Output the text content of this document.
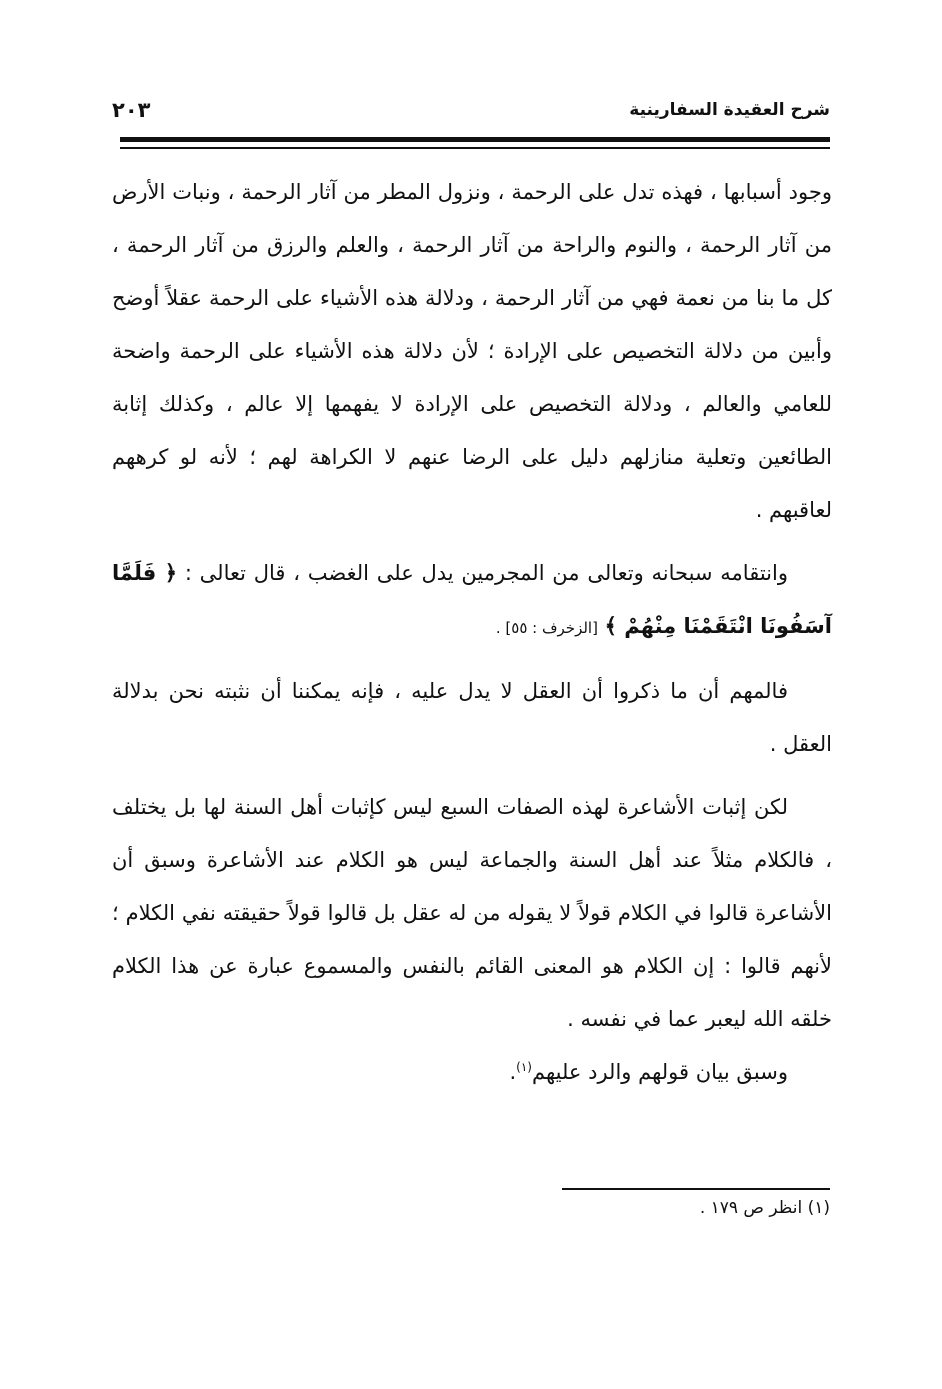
شرح العقيدة السفارينية
٢٠٣

وجود أسبابها ، فهذه تدل على الرحمة ، ونزول المطر من آثار الرحمة ، ونبات الأرض من آثار الرحمة ، والنوم والراحة من آثار الرحمة ، والعلم والرزق من آثار الرحمة ، كل ما بنا من نعمة فهي من آثار الرحمة ، ودلالة هذه الأشياء على الرحمة عقلاً أوضح وأبين من دلالة التخصيص على الإرادة ؛ لأن دلالة هذه الأشياء على الرحمة واضحة للعامي والعالم ، ودلالة التخصيص على الإرادة لا يفهمها إلا عالم ، وكذلك إثابة الطائعين وتعلية منازلهم دليل على الرضا عنهم لا الكراهة لهم ؛ لأنه لو كرههم لعاقبهم .

وانتقامه سبحانه وتعالى من المجرمين يدل على الغضب ، قال تعالى : ﴿ فَلَمَّا آسَفُونَا انْتَقَمْنَا مِنْهُمْ ﴾ [الزخرف : ٥٥] .

فالمهم أن ما ذكروا أن العقل لا يدل عليه ، فإنه يمكننا أن نثبته نحن بدلالة العقل .

لكن إثبات الأشاعرة لهذه الصفات السبع ليس كإثبات أهل السنة لها بل يختلف ، فالكلام مثلاً عند أهل السنة والجماعة ليس هو الكلام عند الأشاعرة وسبق أن الأشاعرة قالوا في الكلام قولاً لا يقوله من له عقل بل قالوا قولاً حقيقته نفي الكلام ؛ لأنهم قالوا : إن الكلام هو المعنى القائم بالنفس والمسموع عبارة عن هذا الكلام خلقه الله ليعبر عما في نفسه .

وسبق بيان قولهم والرد عليهم$^{(١)}$.

(١) انظر ص ١٧٩ .
